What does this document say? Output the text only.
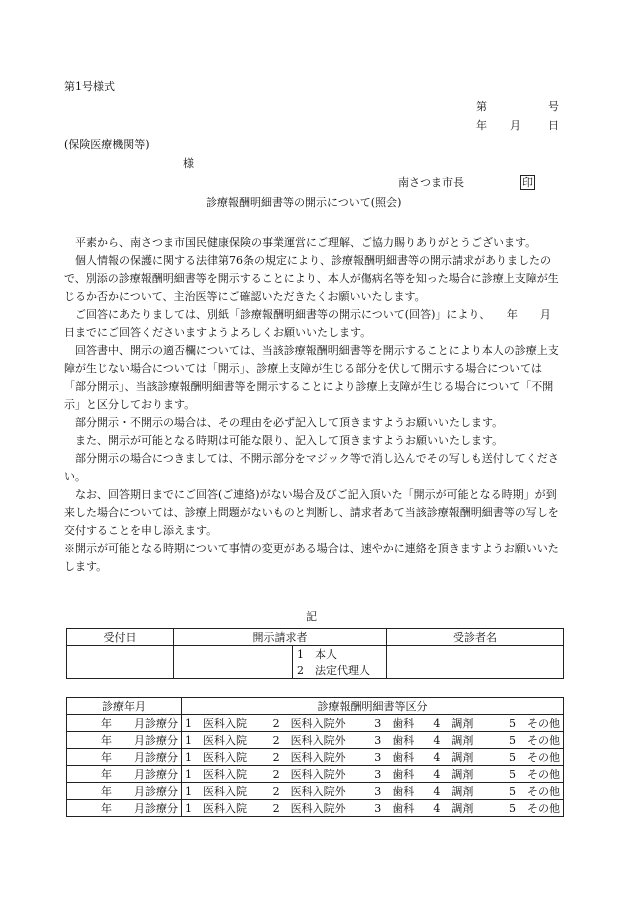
第1号様式
第	号
年 月 日
(保険医療機関等)
様
南さつま市長	印
診療報酬明細書等の開示について(照会)

平素から、南さつま市国民健康保険の事業運営にご理解、ご協力賜りありがとうございます。

個人情報の保護に関する法律第76条の規定により、診療報酬明細書等の開示請求がありましたので、別添の診療報酬明細書等を開示することにより、本人が傷病名等を知った場合に診療上支障が生じるか否かについて、主治医等にご確認いただきたくお願いいたします。

ご回答にあたりましては、別紙「診療報酬明細書等の開示について(回答)」により、　　年　　月　　日までにご回答くださいますようよろしくお願いいたします。

回答書中、開示の適否欄については、当該診療報酬明細書等を開示することにより本人の診療上支障が生じない場合については「開示」、診療上支障が生じる部分を伏して開示する場合については「部分開示」、当該診療報酬明細書等を開示することにより診療上支障が生じる場合について「不開示」と区分しております。

部分開示・不開示の場合は、その理由を必ず記入して頂きますようお願いいたします。

また、開示が可能となる時期は可能な限り、記入して頂きますようお願いいたします。

部分開示の場合につきましては、不開示部分をマジック等で消し込んでその写しも送付してください。

なお、回答期日までにご回答(ご連絡)がない場合及びご記入頂いた「開示が可能となる時期」が到来した場合については、診療上問題がないものと判断し、請求者あて当該診療報酬明細書等の写しを交付することを申し添えます。

※開示が可能となる時期について事情の変更がある場合は、速やかに連絡を頂きますようお願いいたします。

記
受付日	開示請求者		受診者名
		1　本人	
		2　法定代理人	
診療年月	診療報酬明細書等区分				
年　　月診療分	1　医科入院	2　医科入院外	3　歯科	4　調剤	5　その他
年　　月診療分	1　医科入院	2　医科入院外	3　歯科	4　調剤	5　その他
年　　月診療分	1　医科入院	2　医科入院外	3　歯科	4　調剤	5　その他
年　　月診療分	1　医科入院	2　医科入院外	3　歯科	4　調剤	5　その他
年　　月診療分	1　医科入院	2　医科入院外	3　歯科	4　調剤	5　その他
年　　月診療分	1　医科入院	2　医科入院外	3　歯科	4　調剤	5　その他
